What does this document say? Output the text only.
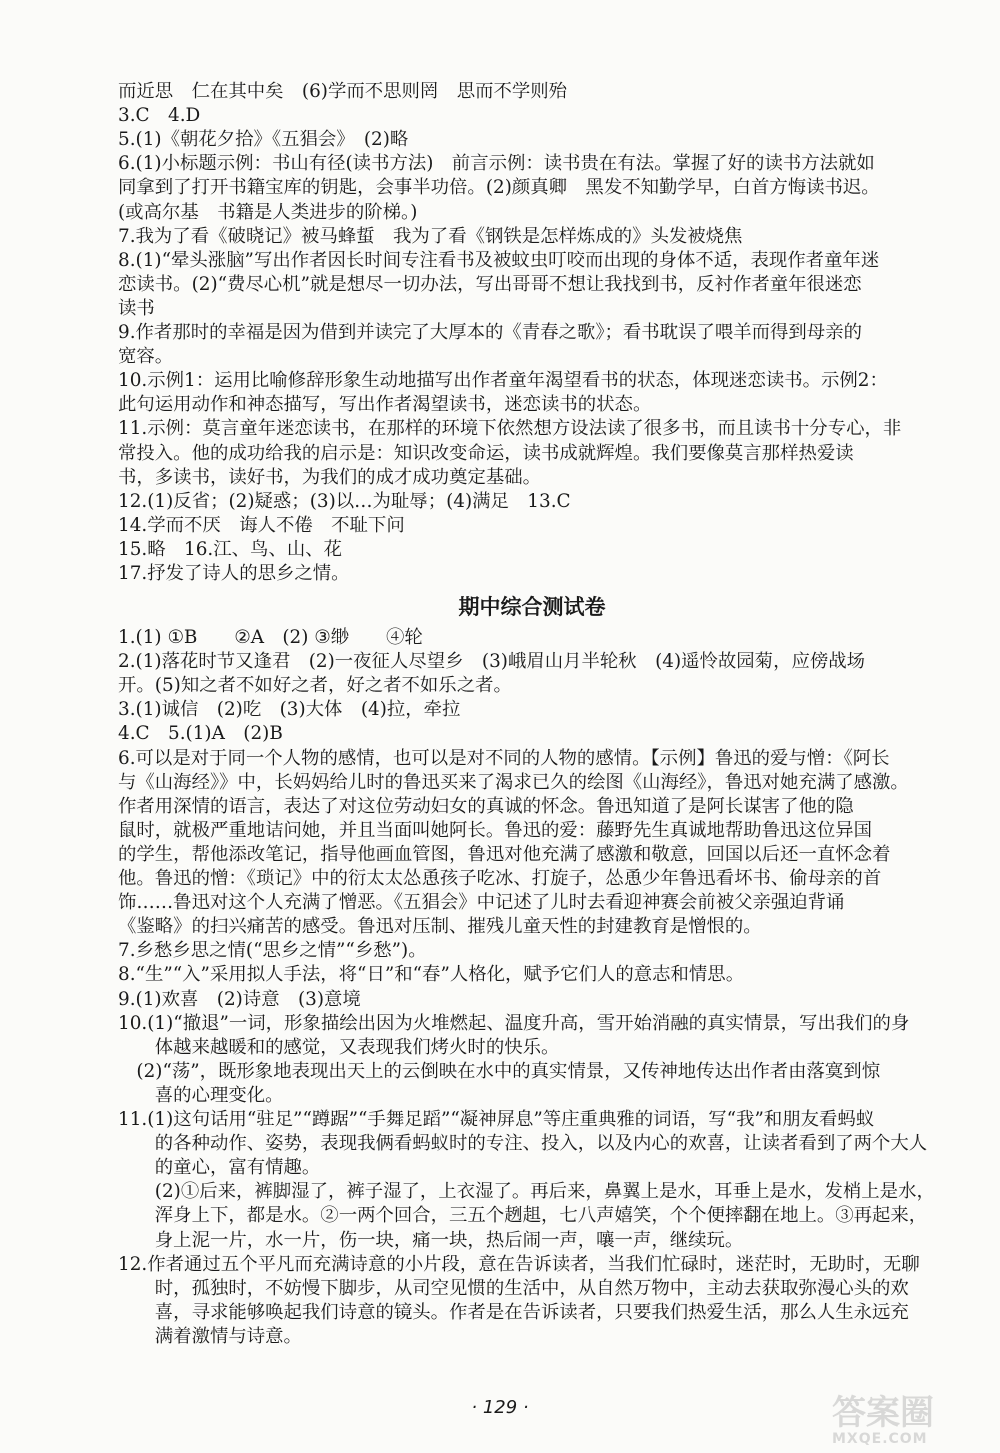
而近思　仁在其中矣　(6)学而不思则罔　思而不学则殆
3.C　4.D
5.(1)《朝花夕拾》《五猖会》　(2)略
6.(1)小标题示例：书山有径(读书方法)　前言示例：读书贵在有法。掌握了好的读书方法就如
同拿到了打开书籍宝库的钥匙，会事半功倍。(2)颜真卿　黑发不知勤学早，白首方悔读书迟。
(或高尔基　书籍是人类进步的阶梯。)
7.我为了看《破晓记》被马蜂蜇　我为了看《钢铁是怎样炼成的》头发被烧焦
8.(1)“晕头涨脑”写出作者因长时间专注看书及被蚊虫叮咬而出现的身体不适，表现作者童年迷
恋读书。(2)“费尽心机”就是想尽一切办法，写出哥哥不想让我找到书，反衬作者童年很迷恋
读书
9.作者那时的幸福是因为借到并读完了大厚本的《青春之歌》；看书耽误了喂羊而得到母亲的
宽容。
10.示例1：运用比喻修辞形象生动地描写出作者童年渴望看书的状态，体现迷恋读书。示例2：
此句运用动作和神态描写，写出作者渴望读书，迷恋读书的状态。
11.示例：莫言童年迷恋读书，在那样的环境下依然想方设法读了很多书，而且读书十分专心，非
常投入。他的成功给我的启示是：知识改变命运，读书成就辉煌。我们要像莫言那样热爱读
书，多读书，读好书，为我们的成才成功奠定基础。
12.(1)反省；(2)疑惑；(3)以…为耻辱；(4)满足　13.C
14.学而不厌　诲人不倦　不耻下问
15.略　16.江、鸟、山、花
17.抒发了诗人的思乡之情。
期中综合测试卷
1.(1) ①B　　②A　(2) ③缈　　④轮
2.(1)落花时节又逢君　(2)一夜征人尽望乡　(3)峨眉山月半轮秋　(4)遥怜故园菊，应傍战场
开。(5)知之者不如好之者，好之者不如乐之者。
3.(1)诚信　(2)吃　(3)大体　(4)拉，牵拉
4.C　5.(1)A　(2)B
6.可以是对于同一个人物的感情，也可以是对不同的人物的感情。【示例】鲁迅的爱与憎：《阿长
与《山海经》》中，长妈妈给儿时的鲁迅买来了渴求已久的绘图《山海经》，鲁迅对她充满了感激。
作者用深情的语言，表达了对这位劳动妇女的真诚的怀念。鲁迅知道了是阿长谋害了他的隐
鼠时，就极严重地诘问她，并且当面叫她阿长。鲁迅的爱：藤野先生真诚地帮助鲁迅这位异国
的学生，帮他添改笔记，指导他画血管图，鲁迅对他充满了感激和敬意，回国以后还一直怀念着
他。鲁迅的憎：《琐记》中的衍太太怂恿孩子吃冰、打旋子，怂恿少年鲁迅看坏书、偷母亲的首
饰……鲁迅对这个人充满了憎恶。《五猖会》中记述了儿时去看迎神赛会前被父亲强迫背诵
《鉴略》的扫兴痛苦的感受。鲁迅对压制、摧残儿童天性的封建教育是憎恨的。
7.乡愁乡思之情(“思乡之情”“乡愁”)。
8.“生”“入”采用拟人手法，将“日”和“春”人格化，赋予它们人的意志和情思。
9.(1)欢喜　(2)诗意　(3)意境
10.(1)“撤退”一词，形象描绘出因为火堆燃起、温度升高，雪开始消融的真实情景，写出我们的身
　　体越来越暖和的感觉，又表现我们烤火时的快乐。
　(2)“荡”，既形象地表现出天上的云倒映在水中的真实情景，又传神地传达出作者由落寞到惊
　　喜的心理变化。
11.(1)这句话用“驻足”“蹲踞”“手舞足蹈”“凝神屏息”等庄重典雅的词语，写“我”和朋友看蚂蚁
　　的各种动作、姿势，表现我俩看蚂蚁时的专注、投入，以及内心的欢喜，让读者看到了两个大人
　　的童心，富有情趣。
　　(2)①后来，裤脚湿了，裤子湿了，上衣湿了。再后来，鼻翼上是水，耳垂上是水，发梢上是水，
　　浑身上下，都是水。②一两个回合，三五个趔趄，七八声嬉笑，个个便摔翻在地上。③再起来，
　　身上泥一片，水一片，伤一块，痛一块，热后闹一声，嚷一声，继续玩。
12.作者通过五个平凡而充满诗意的小片段，意在告诉读者，当我们忙碌时，迷茫时，无助时，无聊
　　时，孤独时，不妨慢下脚步，从司空见惯的生活中，从自然万物中，主动去获取弥漫心头的欢
　　喜，寻求能够唤起我们诗意的镜头。作者是在告诉读者，只要我们热爱生活，那么人生永远充
　　满着激情与诗意。
· 129 ·	答案圈
MXQE.COM
